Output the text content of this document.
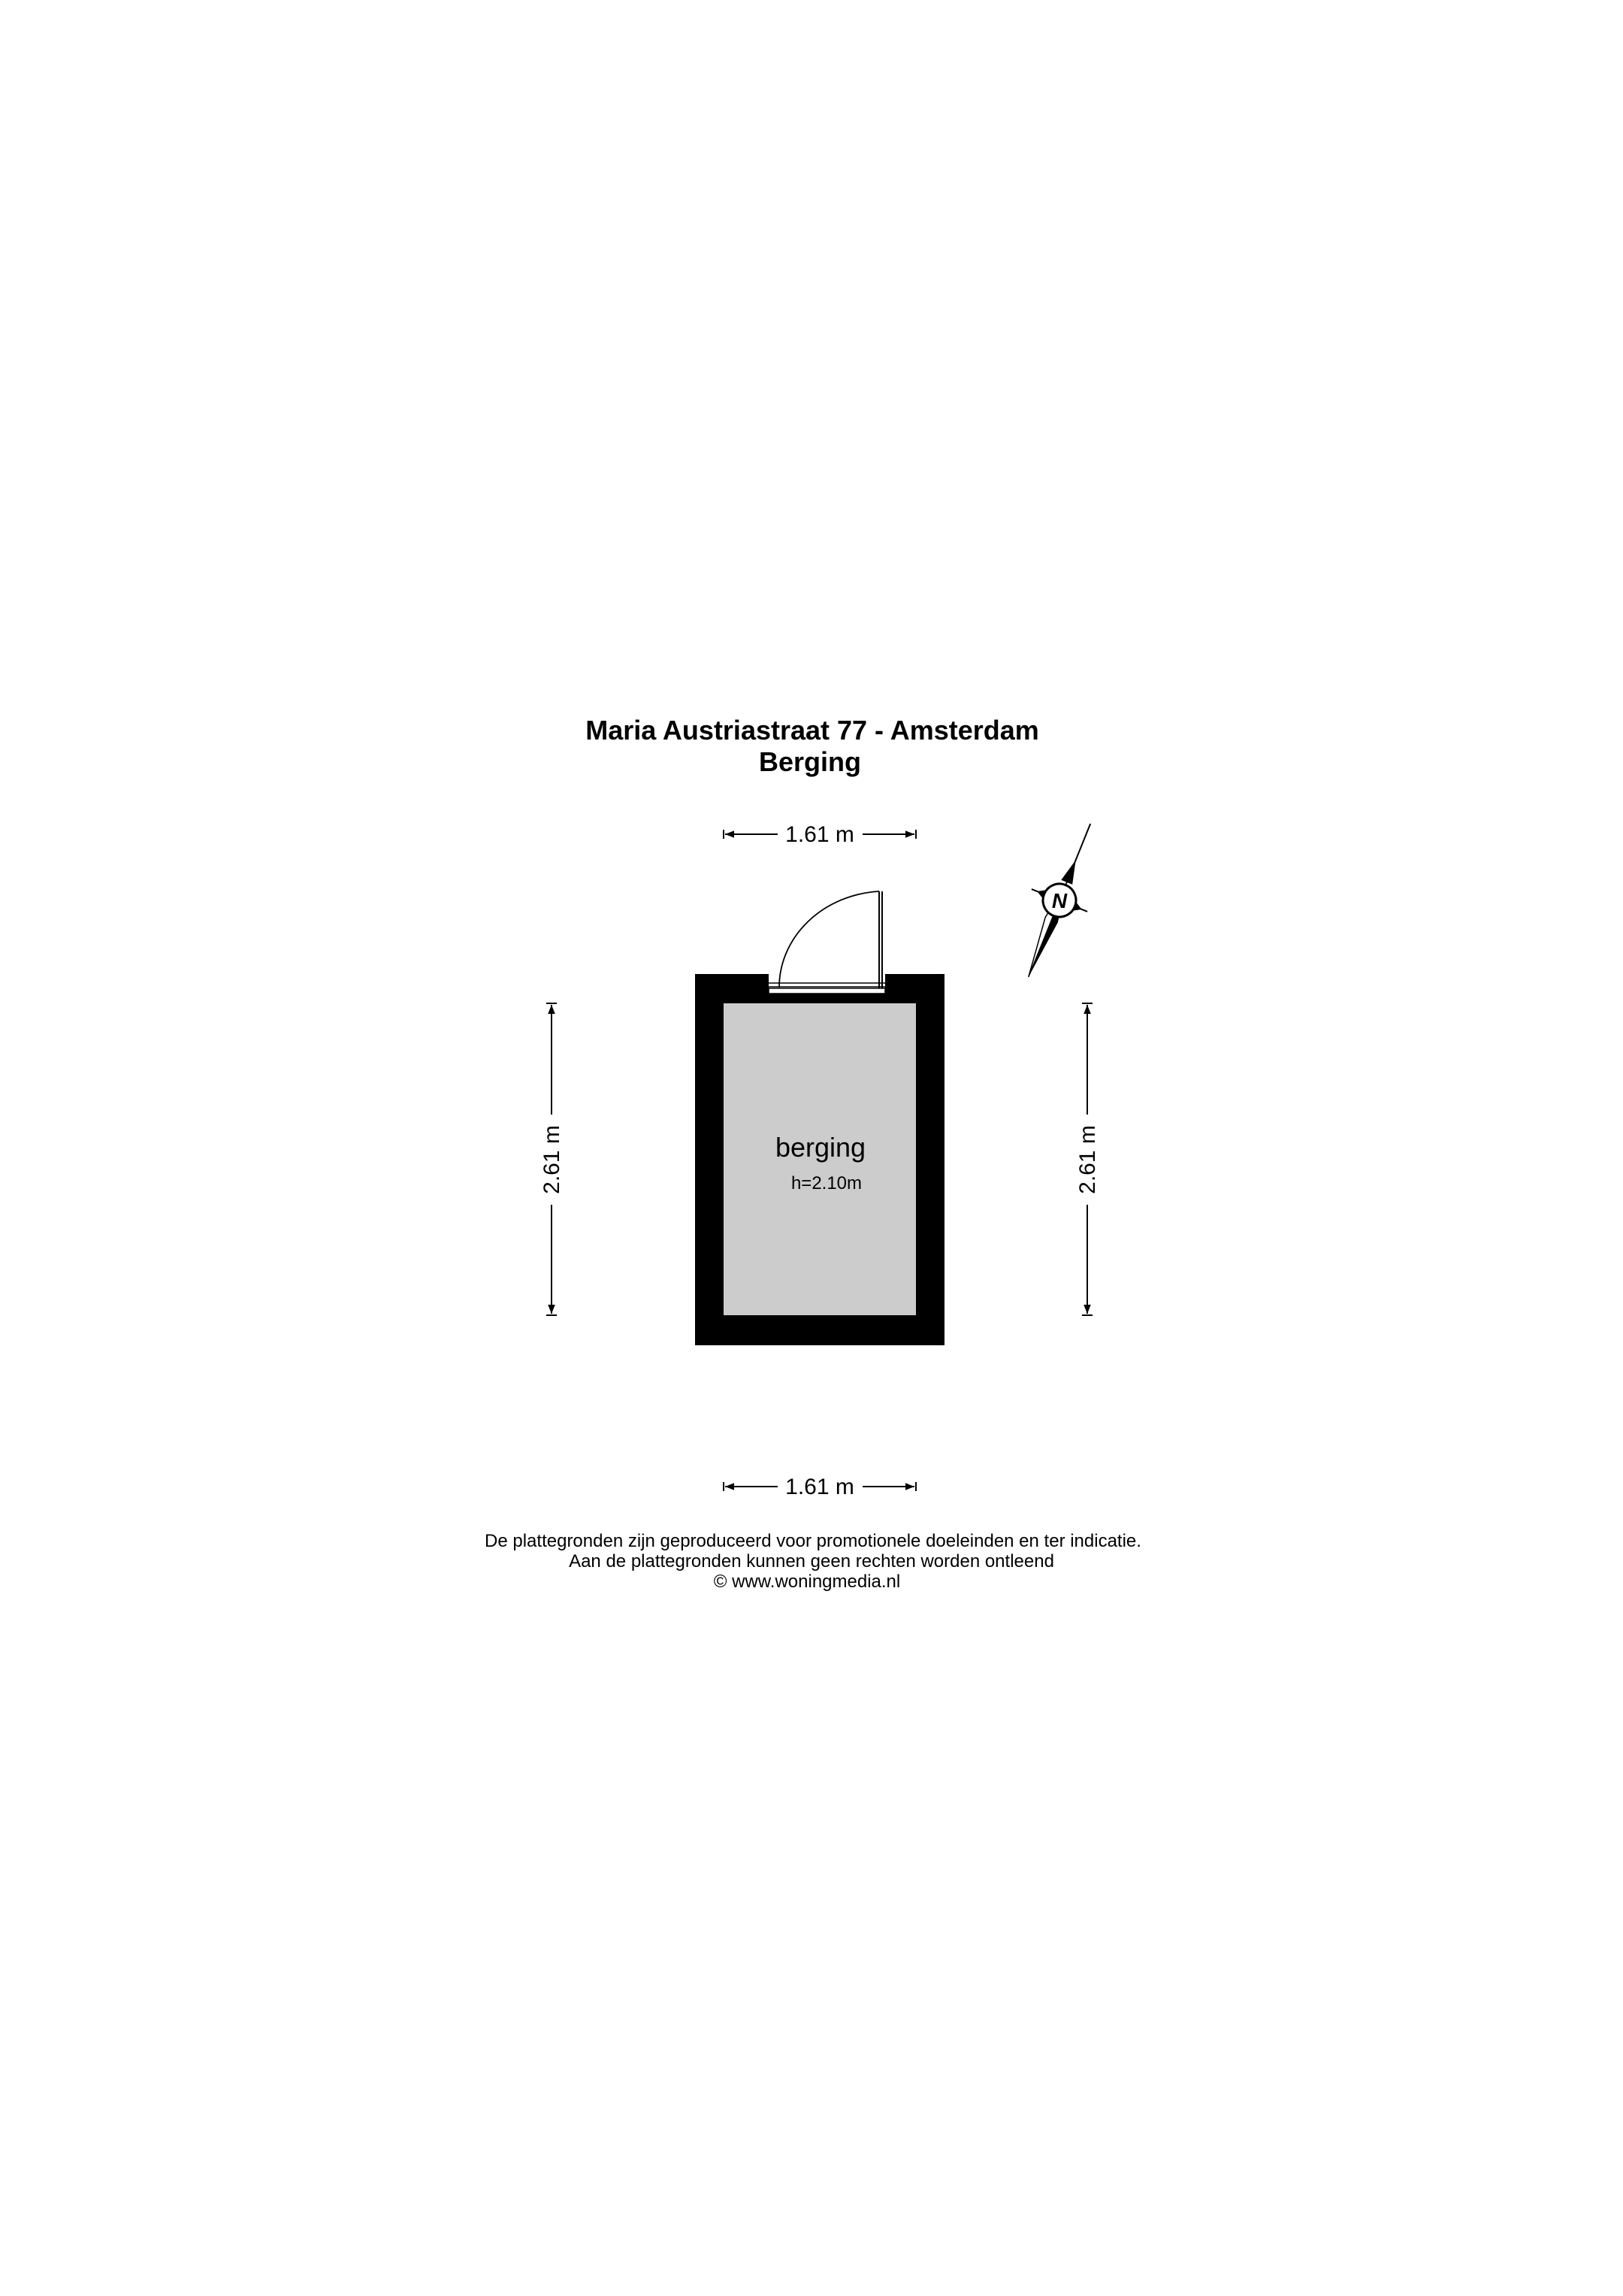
Maria Austriastraat 77 - Amsterdam
Berging
berging
h=2.10m
1.61 m
1.61 m
2.61 m	2.61 m
N
De plattegronden zijn geproduceerd voor promotionele doeleinden en ter indicatie.
Aan de plattegronden kunnen geen rechten worden ontleend
© www.woningmedia.nl
